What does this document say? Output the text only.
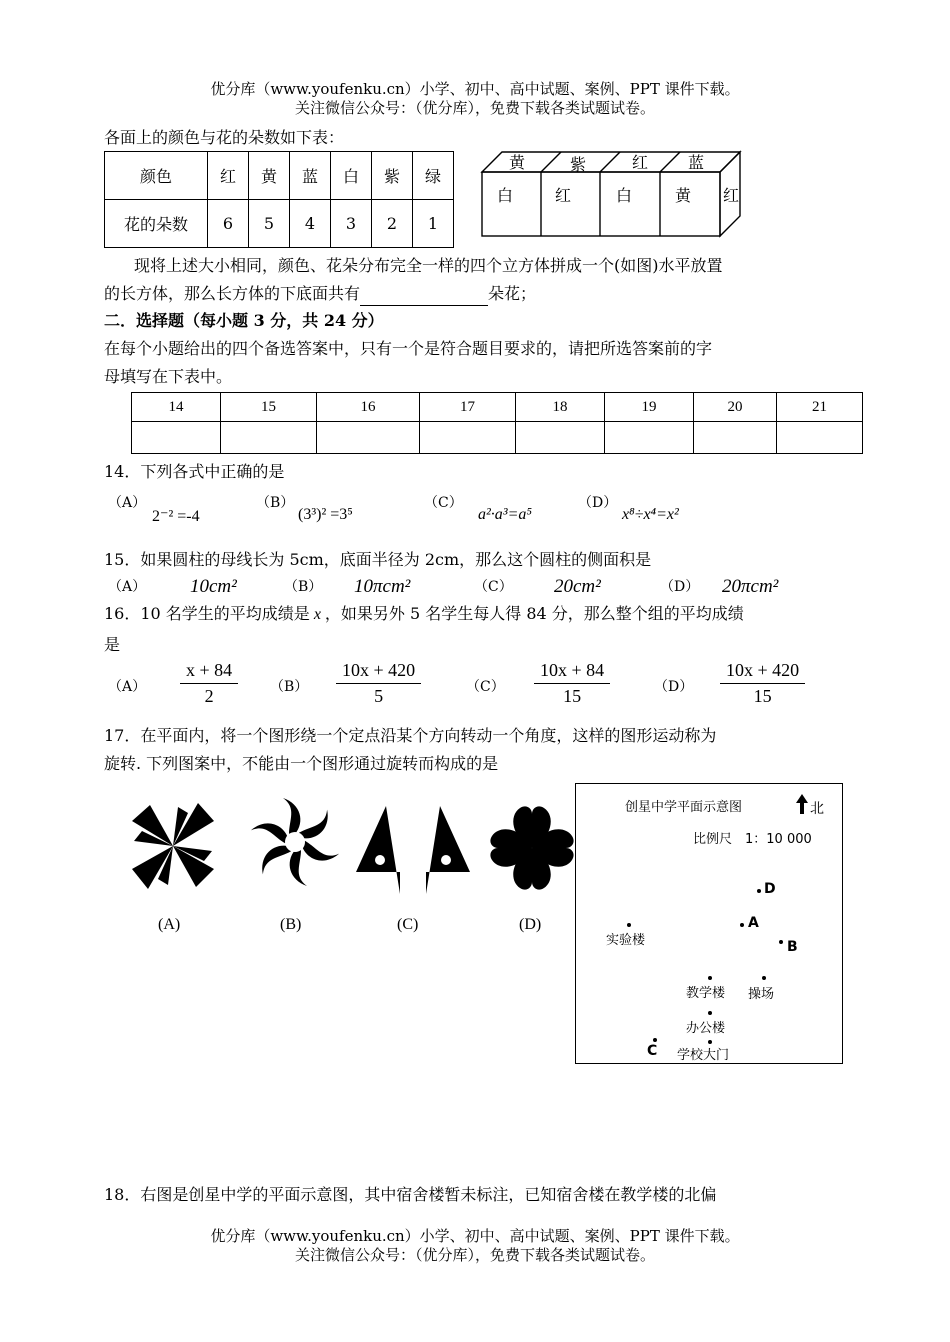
优分库（www.youfenku.cn）小学、初中、高中试题、案例、PPT 课件下载。
关注微信公众号：（优分库），免费下载各类试题试卷。
各面上的颜色与花的朵数如下表：
颜色	红	黄	蓝	白	紫	绿
花的朵数	6	5	4	3	2	1
黄	紫	红 蓝
白	红	白	黄 红
现将上述大小相同，颜色、花朵分布完全一样的四个立方体拼成一个(如图)水平放置
的长方体，那么长方体的下底面共有	朵花；
二．选择题（每小题 3 分，共 24 分）
在每个小题给出的四个备选答案中，只有一个是符合题目要求的，请把所选答案前的字
母填写在下表中。
14	15	16	17	18	19	20	21

14．下列各式中正确的是
（A）
2⁻² =-4
（B）
(3³)² =3⁵
（C）
a²·a³=a⁵
（D）
x⁸÷x⁴=x²
15．如果圆柱的母线长为 5cm，底面半径为 2cm，那么这个圆柱的侧面积是
（A） 10cm²	（B） 10πcm²	（C） 20cm²	（D） 20πcm²
16．10 名学生的平均成绩是 x ，如果另外 5 名学生每人得 84 分，那么整个组的平均成绩
是
$(A) \frac{x + 84}{2} (B) \frac{10x + 420}{5}$	$(C) \frac{10x + 84}{15}$	$(D) \frac{10x + 420}{15}$
17．在平面内，将一个图形绕一个定点沿某个方向转动一个角度，这样的图形运动称为
旋转. 下列图案中，不能由一个图形通过旋转而构成的是
(A)	(B)	(C)	(D)
创星中学平面示意图	北
比例尺　1：10 000
D
A
B
C
实验楼
教学楼 操场
办公楼
学校大门
18．右图是创星中学的平面示意图，其中宿舍楼暂未标注，已知宿舍楼在教学楼的北偏
优分库（www.youfenku.cn）小学、初中、高中试题、案例、PPT 课件下载。
关注微信公众号：（优分库），免费下载各类试题试卷。
